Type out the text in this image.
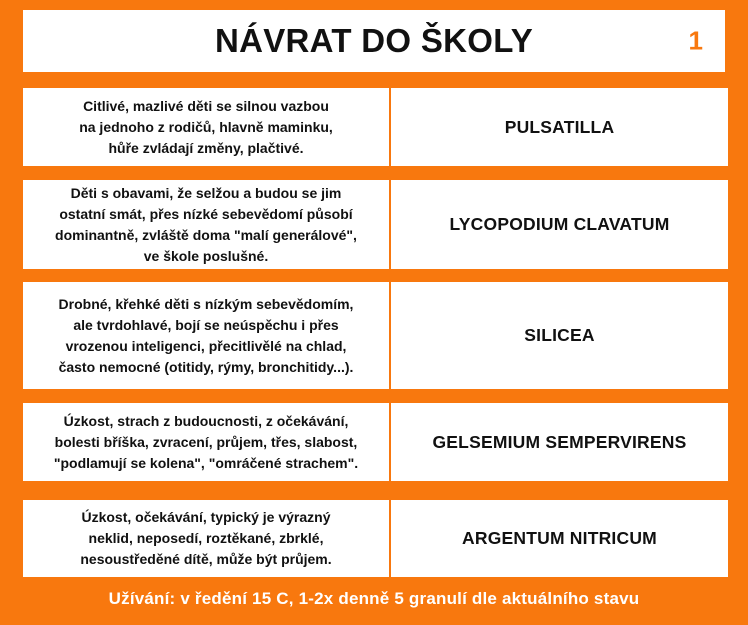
NÁVRAT DO ŠKOLY	1
Citlivé, mazlivé děti se silnou vazbou
na jednoho z rodičů, hlavně maminku,
hůře zvládají změny, plačtivé.
PULSATILLA
Děti s obavami, že selžou a budou se jim
ostatní smát, přes nízké sebevědomí působí
dominantně, zvláště doma "malí generálové",
ve škole poslušné.
LYCOPODIUM CLAVATUM
Drobné, křehké děti s nízkým sebevědomím,
ale tvrdohlavé, bojí se neúspěchu i přes
vrozenou inteligenci, přecitlivělé na chlad,
často nemocné (otitidy, rýmy, bronchitidy...).
SILICEA
Úzkost, strach z budoucnosti, z očekávání,
bolesti bříška, zvracení, průjem, třes, slabost,
"podlamují se kolena", "omráčené strachem".
GELSEMIUM SEMPERVIRENS
Úzkost, očekávání, typický je výrazný
neklid, neposedí, roztěkané, zbrklé,
nesoustředěné dítě, může být průjem.
ARGENTUM NITRICUM
Užívání: v ředění 15 C, 1-2x denně 5 granulí dle aktuálního stavu
